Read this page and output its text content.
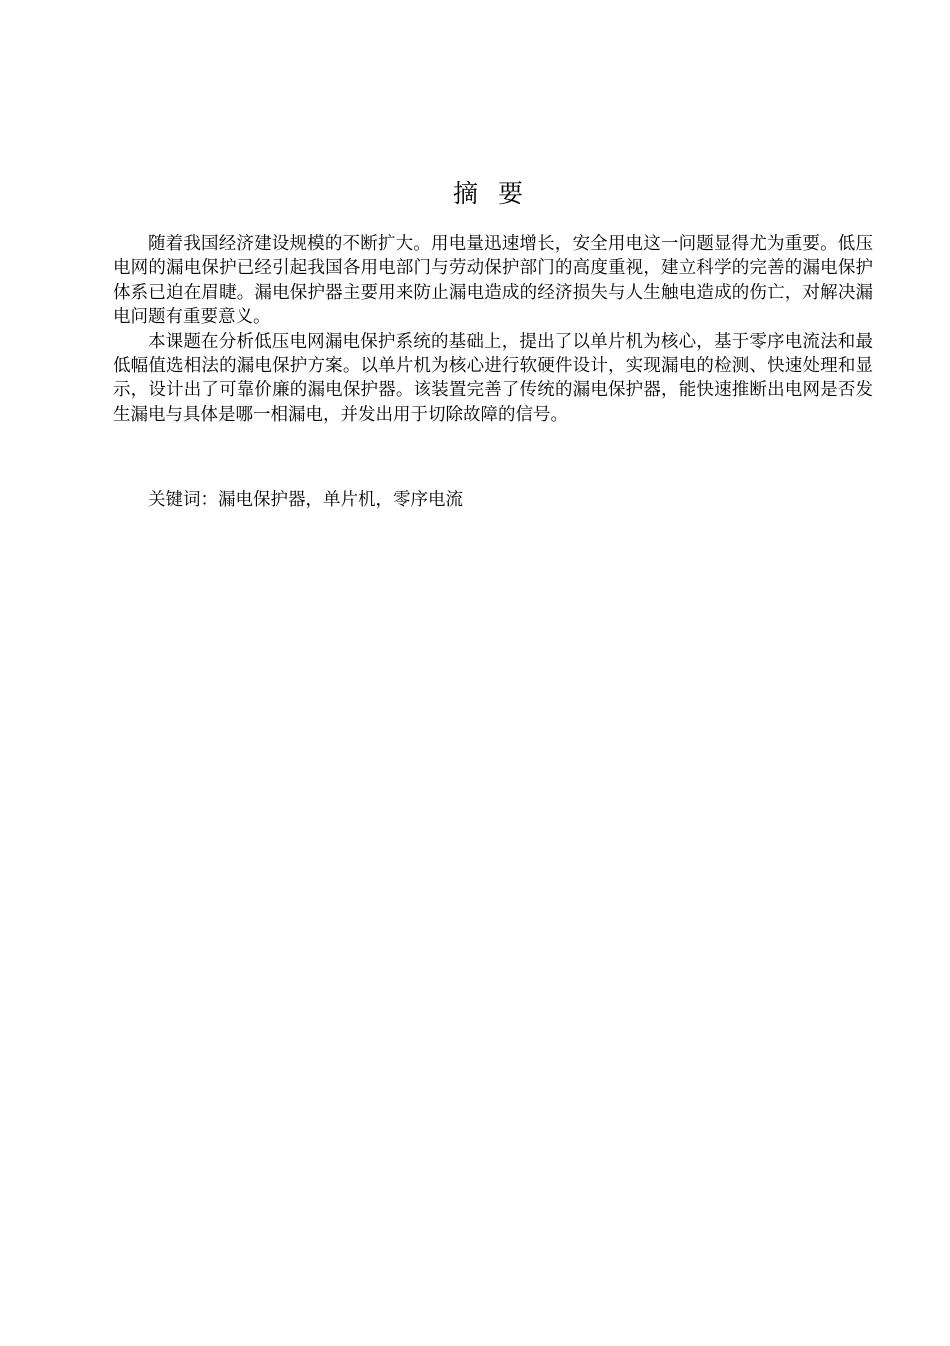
摘 要

随着我国经济建设规模的不断扩大。用电量迅速增长，安全用电这一问题显得尤为重要。低压电网的漏电保护已经引起我国各用电部门与劳动保护部门的高度重视，建立科学的完善的漏电保护体系已迫在眉睫。漏电保护器主要用来防止漏电造成的经济损失与人生触电造成的伤亡，对解决漏电问题有重要意义。

本课题在分析低压电网漏电保护系统的基础上，提出了以单片机为核心，基于零序电流法和最低幅值选相法的漏电保护方案。以单片机为核心进行软硬件设计，实现漏电的检测、快速处理和显示，设计出了可靠价廉的漏电保护器。该装置完善了传统的漏电保护器，能快速推断出电网是否发生漏电与具体是哪一相漏电，并发出用于切除故障的信号。

关键词：漏电保护器，单片机，零序电流
